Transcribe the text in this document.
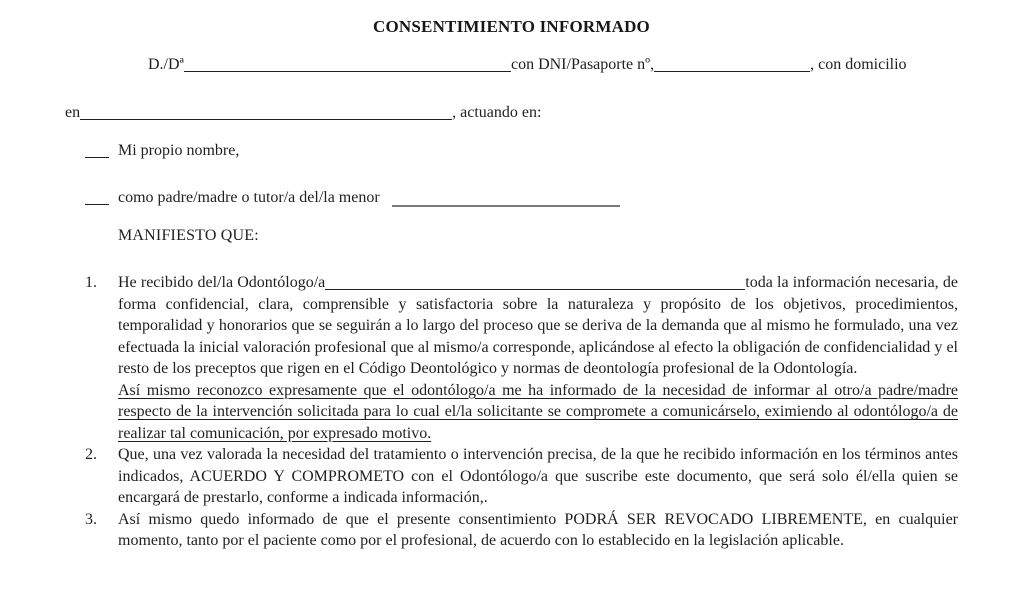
CONSENTIMIENTO INFORMADO

D./Dª	con DNI/Pasaporte nº,	, con domicilio

en	, actuando en:

Mi propio nombre,

como padre/madre o tutor/a del/la menor

MANIFIESTO QUE:

1.	He recibido del/la Odontólogo/a	toda la información necesaria, de forma confidencial, clara, comprensible y satisfactoria sobre la naturaleza y propósito de los objetivos, procedimientos, temporalidad y honorarios que se seguirán a lo largo del proceso que se deriva de la demanda que al mismo he formulado, una vez efectuada la inicial valoración profesional que al mismo/a corresponde, aplicándose al efecto la obligación de confidencialidad y el resto de los preceptos que rigen en el Código Deontológico y normas de deontología profesional de la Odontología.
Así mismo reconozco expresamente que el odontólogo/a me ha informado de la necesidad de informar al otro/a padre/madre respecto de la intervención solicitada para lo cual el/la solicitante se compromete a comunicárselo, eximiendo al odontólogo/a de realizar tal comunicación, por expresado motivo.
2.	Que, una vez valorada la necesidad del tratamiento o intervención precisa, de la que he recibido información en los términos antes indicados, ACUERDO Y COMPROMETO con el Odontólogo/a que suscribe este documento, que será solo él/ella quien se encargará de prestarlo, conforme a indicada información,.
3.	Así mismo quedo informado de que el presente consentimiento PODRÁ SER REVOCADO LIBREMENTE, en cualquier momento, tanto por el paciente como por el profesional, de acuerdo con lo establecido en la legislación aplicable.
